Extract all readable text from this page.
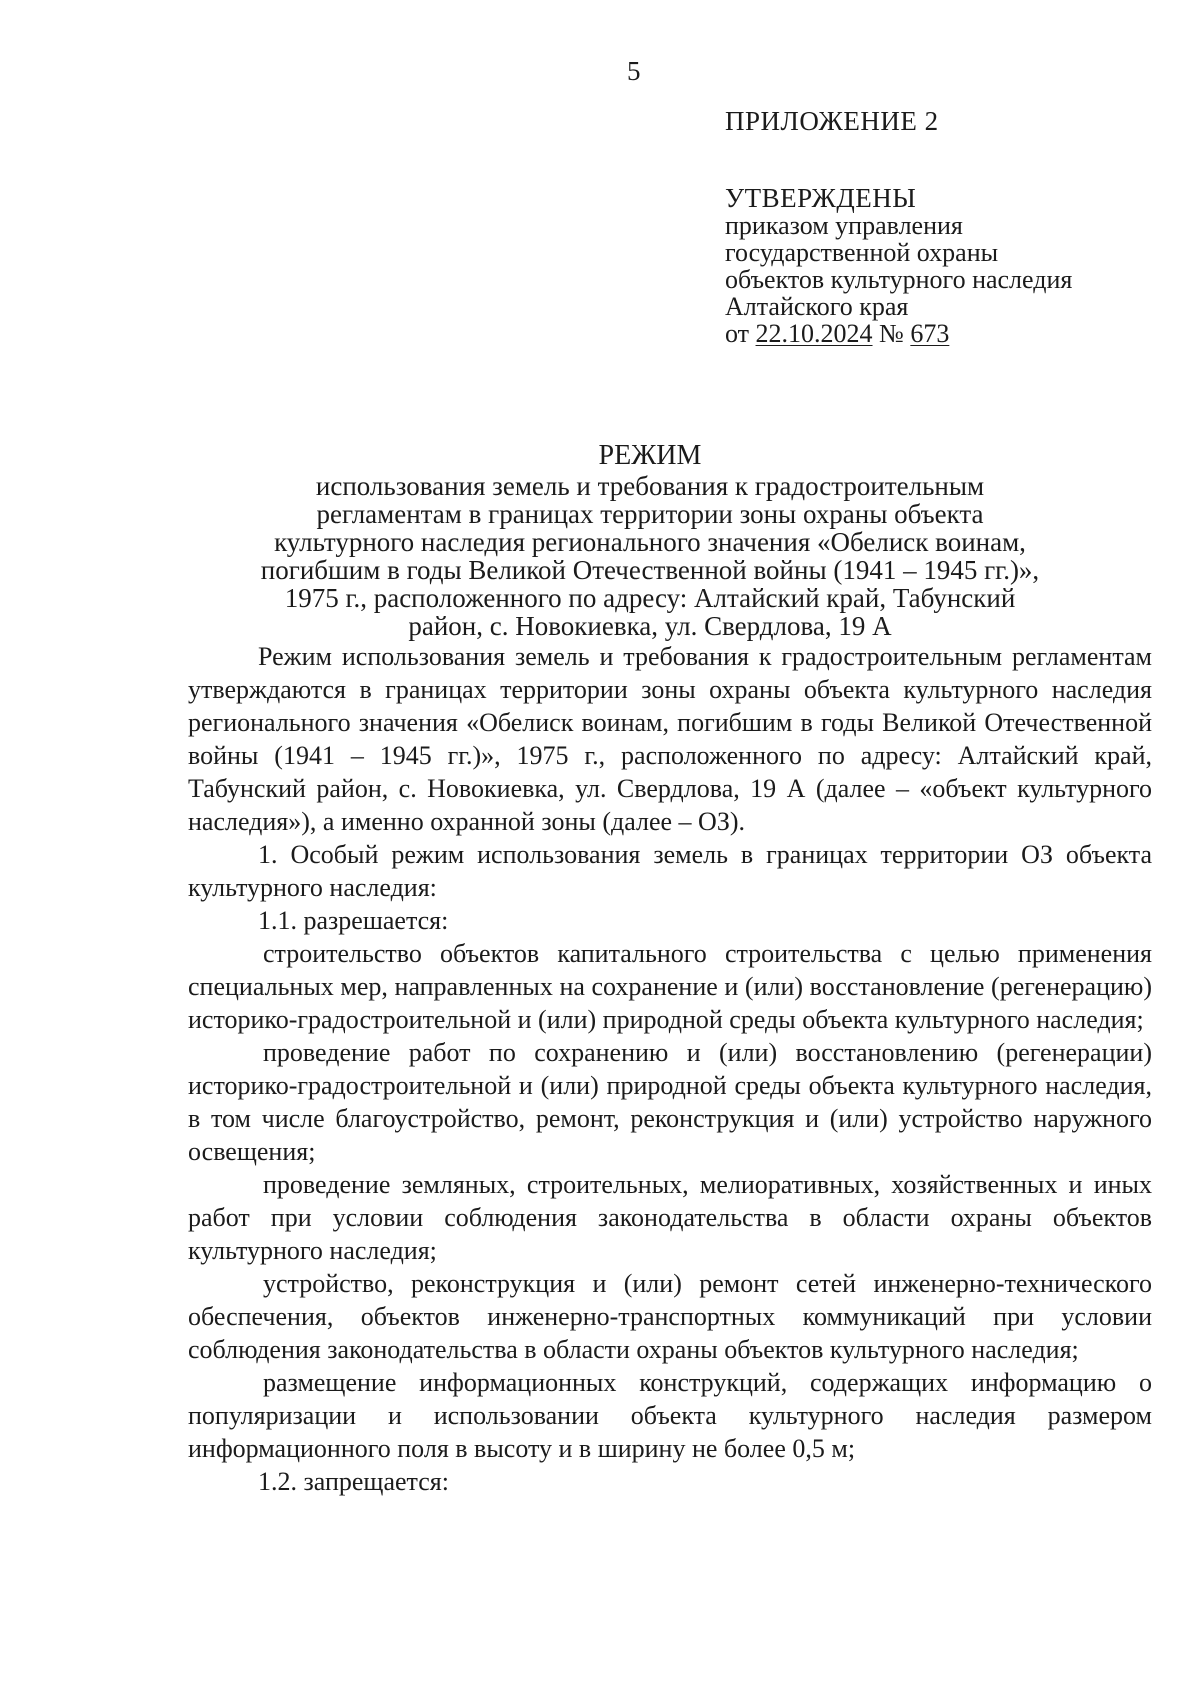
5
ПРИЛОЖЕНИЕ 2
УТВЕРЖДЕНЫ
приказом управления
государственной охраны
объектов культурного наследия
Алтайского края
от 22.10.2024 № 673
РЕЖИМ
использования земель и требования к градостроительным
регламентам в границах территории зоны охраны объекта
культурного наследия регионального значения «Обелиск воинам,
погибшим в годы Великой Отечественной войны (1941 – 1945 гг.)»,
1975 г., расположенного по адресу: Алтайский край, Табунский
район, с. Новокиевка, ул. Свердлова, 19 А

Режим использования земель и требования к градостроительным регламентам утверждаются в границах территории зоны охраны объекта культурного наследия регионального значения «Обелиск воинам, погибшим в годы Великой Отечественной войны (1941 – 1945 гг.)», 1975 г., расположенного по адресу: Алтайский край, Табунский район, с. Новокиевка, ул. Свердлова, 19 А (далее – «объект культурного наследия»), а именно охранной зоны (далее – ОЗ).

1. Особый режим использования земель в границах территории ОЗ объекта культурного наследия:

1.1. разрешается:

строительство объектов капитального строительства с целью применения специальных мер, направленных на сохранение и (или) восстановление (регенерацию) историко-градостроительной и (или) природной среды объекта культурного наследия;

проведение работ по сохранению и (или) восстановлению (регенерации) историко-градостроительной и (или) природной среды объекта культурного наследия, в том числе благоустройство, ремонт, реконструкция и (или) устройство наружного освещения;

проведение земляных, строительных, мелиоративных, хозяйственных и иных работ при условии соблюдения законодательства в области охраны объектов культурного наследия;

устройство, реконструкция и (или) ремонт сетей инженерно-технического обеспечения, объектов инженерно-транспортных коммуникаций при условии соблюдения законодательства в области охраны объектов культурного наследия;

размещение информационных конструкций, содержащих информацию о популяризации и использовании объекта культурного наследия размером информационного поля в высоту и в ширину не более 0,5 м;

1.2. запрещается:
